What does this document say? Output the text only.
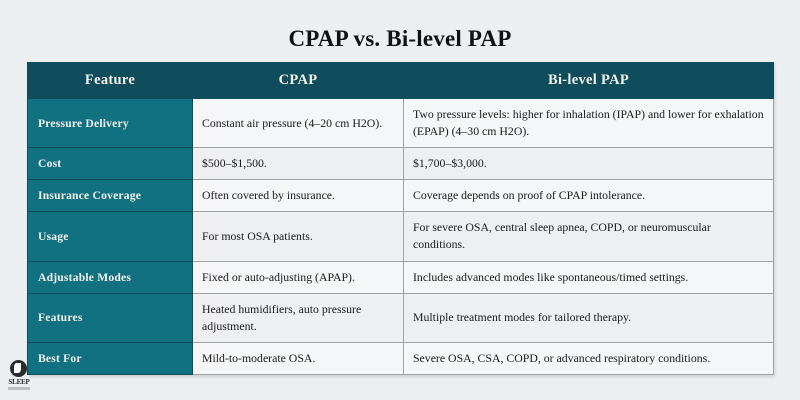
CPAP vs. Bi-level PAP
Feature	CPAP	Bi-level PAP
Pressure Delivery	Constant air pressure (4–20 cm H2O).	Two pressure levels: higher for inhalation (IPAP) and lower for exhalation (EPAP) (4–30 cm H2O).
Cost	$500–$1,500.	$1,700–$3,000.
Insurance Coverage	Often covered by insurance.	Coverage depends on proof of CPAP intolerance.
Usage	For most OSA patients.	For severe OSA, central sleep apnea, COPD, or neuromuscular conditions.
Adjustable Modes	Fixed or auto-adjusting (APAP).	Includes advanced modes like spontaneous/timed settings.
Features	Heated humidifiers, auto pressure adjustment.	Multiple treatment modes for tailored therapy.
Best For	Mild-to-moderate OSA.	Severe OSA, CSA, COPD, or advanced respiratory conditions.
SLEEP
